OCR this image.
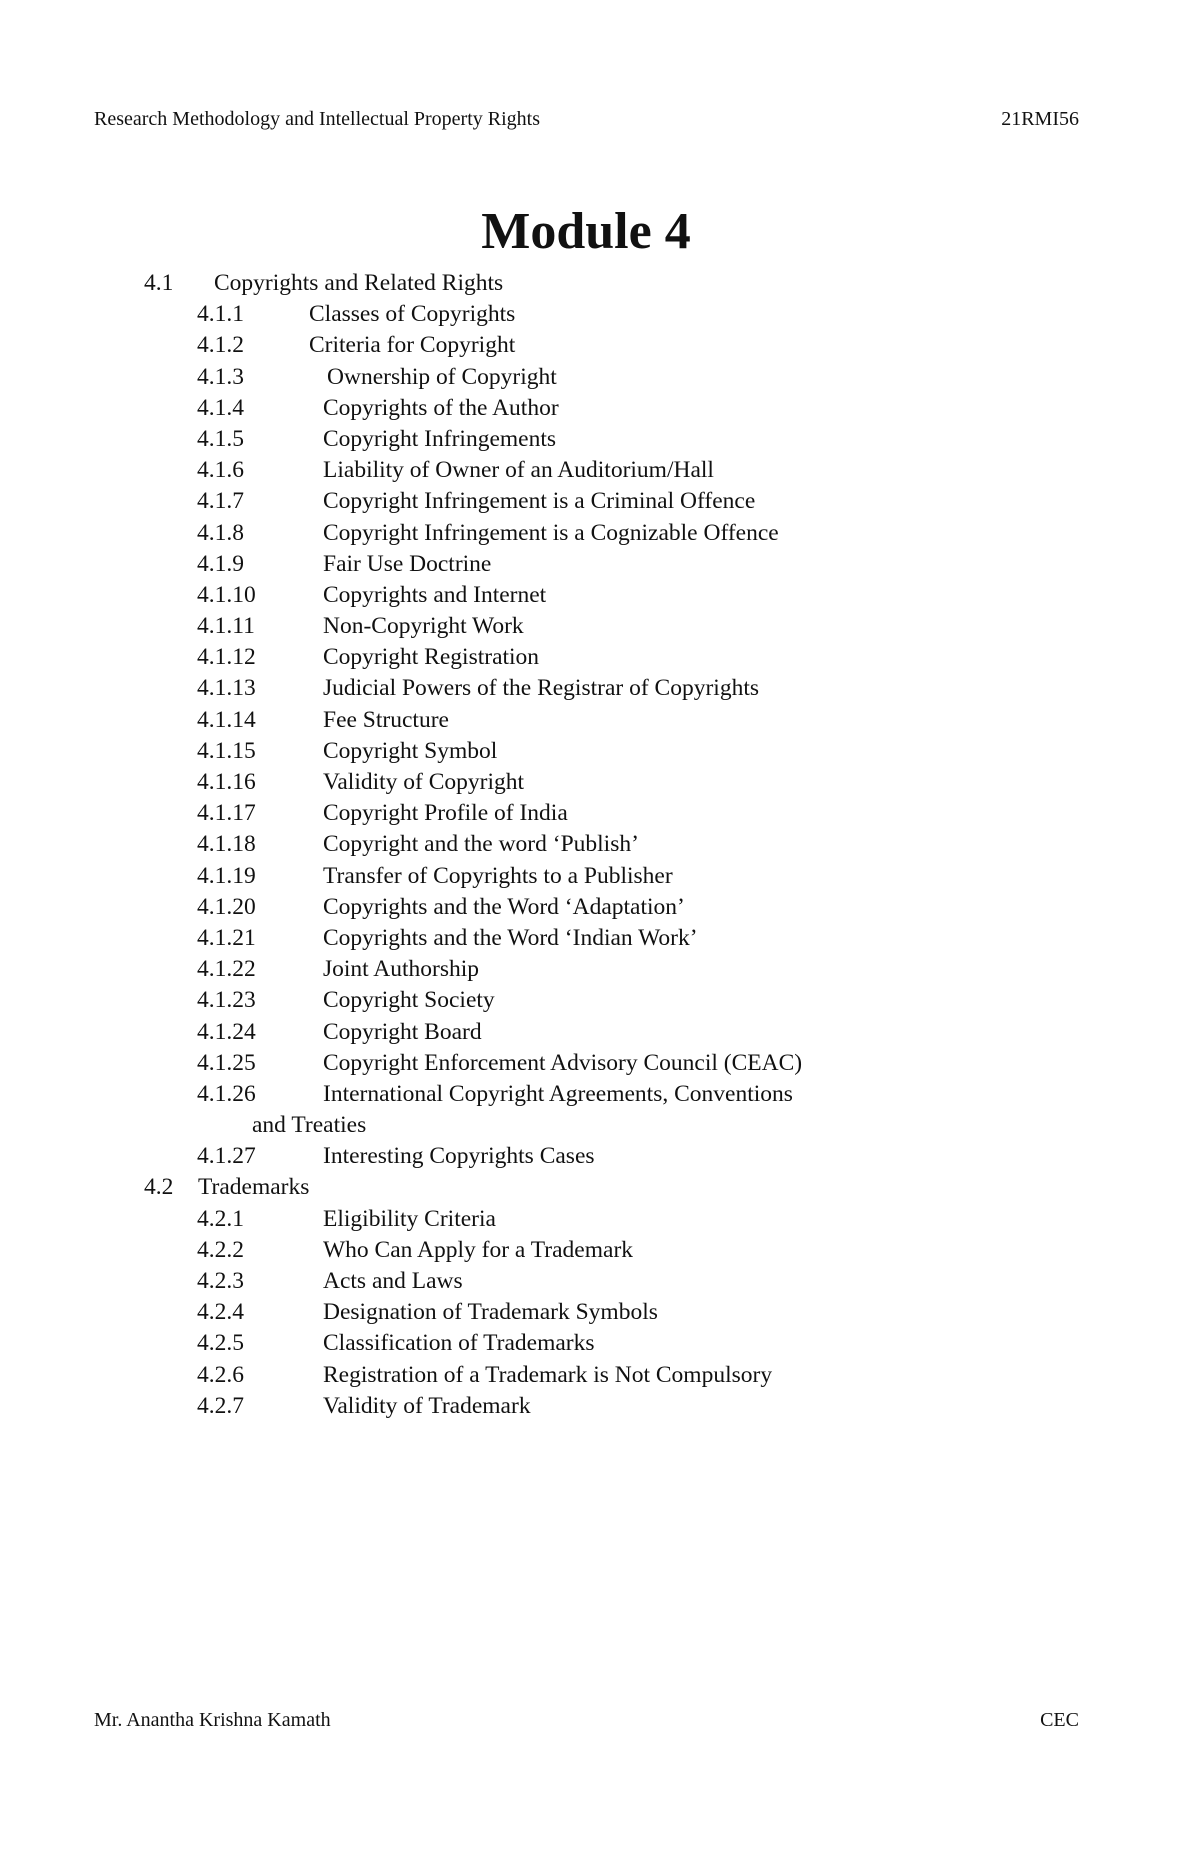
Research Methodology and Intellectual Property Rights	21RMI56
Module 4
4.1 Copyrights and Related Rights
4.1.1	Classes of Copyrights
4.1.2	Criteria for Copyright
4.1.3	Ownership of Copyright
4.1.4	Copyrights of the Author
4.1.5	Copyright Infringements
4.1.6	Liability of Owner of an Auditorium/Hall
4.1.7	Copyright Infringement is a Criminal Offence
4.1.8	Copyright Infringement is a Cognizable Offence
4.1.9	Fair Use Doctrine
4.1.10	Copyrights and Internet
4.1.11	Non-Copyright Work
4.1.12	Copyright Registration
4.1.13	Judicial Powers of the Registrar of Copyrights
4.1.14	Fee Structure
4.1.15	Copyright Symbol
4.1.16	Validity of Copyright
4.1.17	Copyright Profile of India
4.1.18	Copyright and the word ‘Publish’
4.1.19	Transfer of Copyrights to a Publisher
4.1.20	Copyrights and the Word ‘Adaptation’
4.1.21	Copyrights and the Word ‘Indian Work’
4.1.22	Joint Authorship
4.1.23	Copyright Society
4.1.24	Copyright Board
4.1.25	Copyright Enforcement Advisory Council (CEAC)
4.1.26	International Copyright Agreements, Conventions
and Treaties
4.1.27	Interesting Copyrights Cases
4.2 Trademarks
4.2.1	Eligibility Criteria
4.2.2	Who Can Apply for a Trademark
4.2.3	Acts and Laws
4.2.4	Designation of Trademark Symbols
4.2.5	Classification of Trademarks
4.2.6	Registration of a Trademark is Not Compulsory
4.2.7	Validity of Trademark
Mr. Anantha Krishna Kamath	CEC
